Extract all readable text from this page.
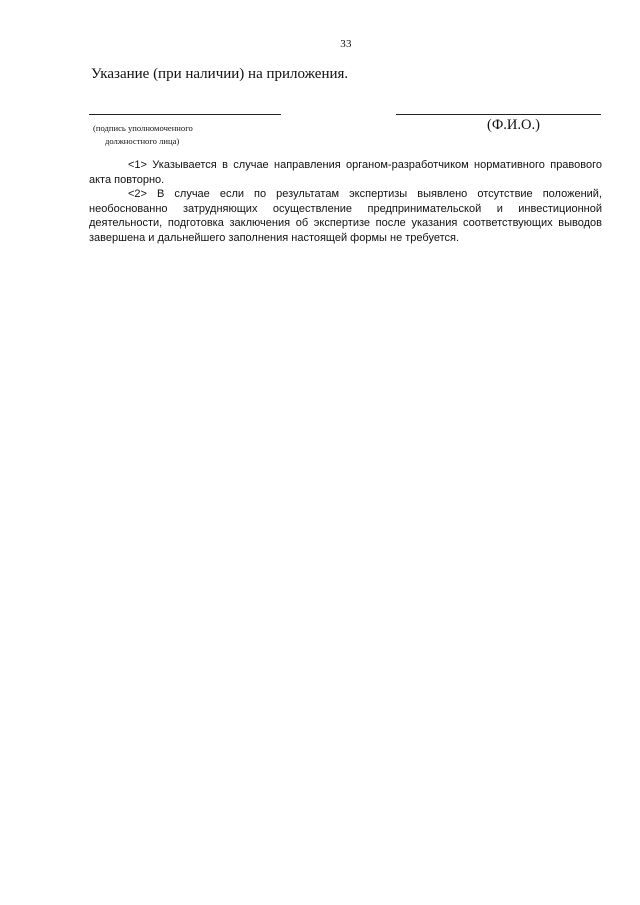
33
Указание (при наличии) на приложения.
(подпись уполномоченного
должностного лица)
(Ф.И.О.)

<1> Указывается в случае направления органом-разработчиком нормативного правового акта повторно.

<2> В случае если по результатам экспертизы выявлено отсутствие положений, необоснованно затрудняющих осуществление предпринимательской и инвестиционной деятельности, подготовка заключения об экспертизе после указания соответствующих выводов завершена и дальнейшего заполнения настоящей формы не требуется.
